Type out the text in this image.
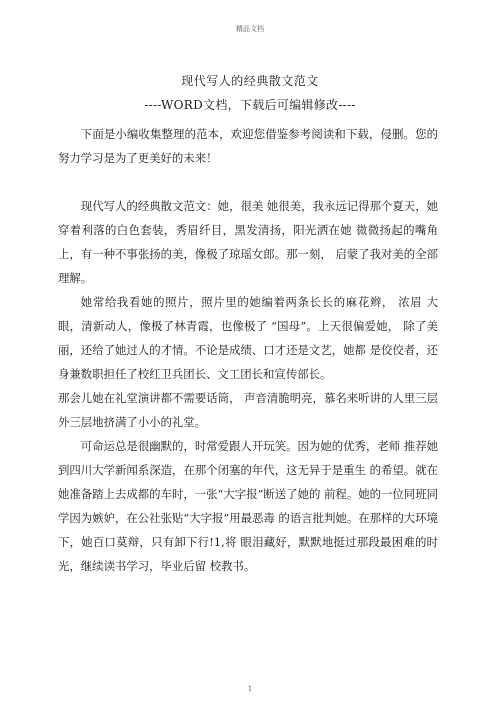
精品文档
现代写人的经典散文范文
----WORD文档，下载后可编辑修改----

下面是小编收集整理的范本，欢迎您借鉴参考阅读和下载，侵删。您的努力学习是为了更美好的未来！

现代写人的经典散文范文：她，很美 她很美，我永远记得那个夏天，她穿着利落的白色套装，秀眉纤目，黑发清扬，阳光洒在她 微微扬起的嘴角上，有一种不事张扬的美，像极了琼瑶女郎。那一刻， 启蒙了我对美的全部理解。

她常给我看她的照片，照片里的她编着两条长长的麻花辫， 浓眉 大眼，清新动人，像极了林青霞，也像极了 “国母”。上天很偏爱她， 除了美丽，还给了她过人的才情。不论是成绩、口才还是文艺，她都 是佼佼者，还身兼数职担任了校红卫兵团长、文工团长和宣传部长。

那会儿她在礼堂演讲都不需要话筒， 声音清脆明亮，慕名来听讲的人里三层外三层地挤满了小小的礼堂。

可命运总是很幽默的，时常爱跟人开玩笑。因为她的优秀，老师 推荐她到四川大学新闻系深造，在那个闭塞的年代，这无异于是重生 的希望。就在她准备踏上去成都的车时，一张“大字报”断送了她的 前程。她的一位同班同学因为嫉妒，在公社张贴“大字报”用最恶毒 的语言批判她。在那样的大环境下，她百口莫辩，只有卸下行!1,将 眼泪藏好，默默地挺过那段最困难的时光，继续读书学习，毕业后留 校教书。

1
